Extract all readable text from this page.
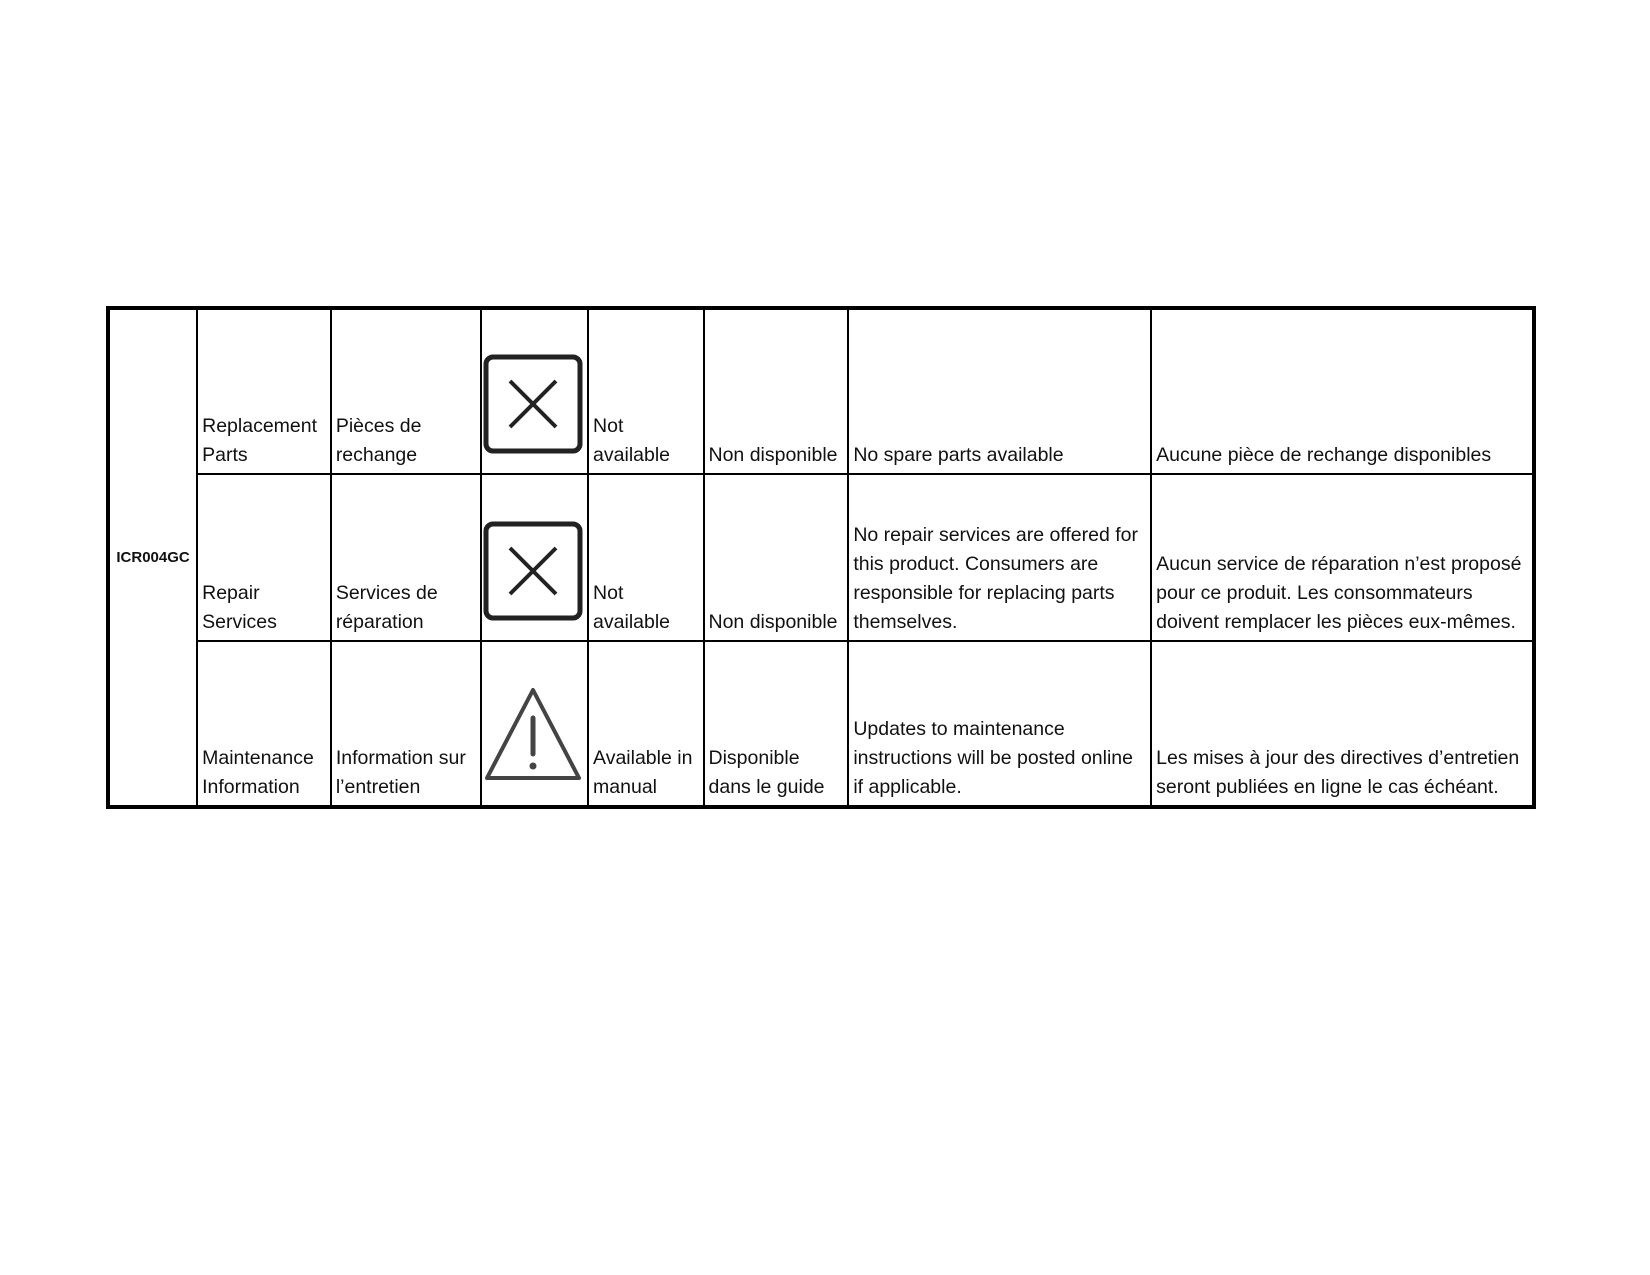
ICR004GC	Replacement Parts	Pièces de rechange		Not available	Non disponible	No spare parts available	Aucune pièce de rechange disponibles

	Repair Services	Services de réparation		Not available	Non disponible	No repair services are offered for this product. Consumers are responsible for replacing parts themselves.	Aucun service de réparation n’est proposé pour ce produit. Les consommateurs doivent remplacer les pièces eux-mêmes.

	Maintenance Information	Information sur l’entretien		Available in manual	Disponible dans le guide	Updates to maintenance instructions will be posted online if applicable.	Les mises à jour des directives d’entretien seront publiées en ligne le cas échéant.
